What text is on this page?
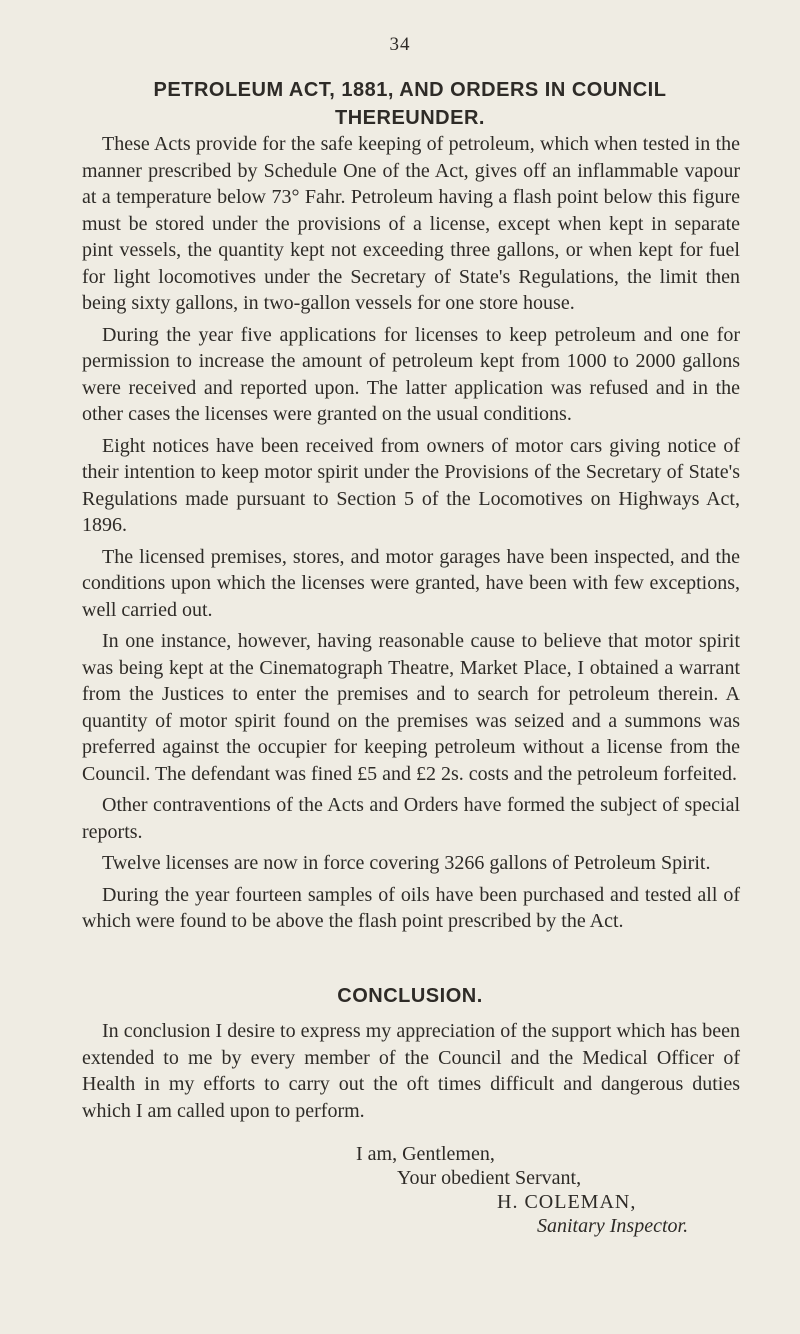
34
PETROLEUM ACT, 1881, AND ORDERS IN COUNCIL THEREUNDER.

These Acts provide for the safe keeping of petroleum, which when tested in the manner prescribed by Schedule One of the Act, gives off an inflammable vapour at a temperature below 73° Fahr. Petroleum having a flash point below this figure must be stored under the provisions of a license, except when kept in separate pint vessels, the quantity kept not exceeding three gallons, or when kept for fuel for light locomotives under the Secretary of State's Regulations, the limit then being sixty gallons, in two-gallon vessels for one store house.

During the year five applications for licenses to keep petroleum and one for permission to increase the amount of petroleum kept from 1000 to 2000 gallons were received and reported upon. The latter application was refused and in the other cases the licenses were granted on the usual conditions.

Eight notices have been received from owners of motor cars giving notice of their intention to keep motor spirit under the Provisions of the Secretary of State's Regulations made pursuant to Section 5 of the Locomotives on Highways Act, 1896.

The licensed premises, stores, and motor garages have been inspected, and the conditions upon which the licenses were granted, have been with few exceptions, well carried out.

In one instance, however, having reasonable cause to believe that motor spirit was being kept at the Cinematograph Theatre, Market Place, I obtained a warrant from the Justices to enter the premises and to search for petroleum therein. A quantity of motor spirit found on the premises was seized and a summons was preferred against the occupier for keeping petroleum without a license from the Council. The defendant was fined £5 and £2 2s. costs and the petroleum forfeited.

Other contraventions of the Acts and Orders have formed the subject of special reports.

Twelve licenses are now in force covering 3266 gallons of Petroleum Spirit.

During the year fourteen samples of oils have been purchased and tested all of which were found to be above the flash point prescribed by the Act.

CONCLUSION.

In conclusion I desire to express my appreciation of the support which has been extended to me by every member of the Council and the Medical Officer of Health in my efforts to carry out the oft times difficult and dangerous duties which I am called upon to perform.

I am, Gentlemen,
Your obedient Servant,
H. COLEMAN,
Sanitary Inspector.
